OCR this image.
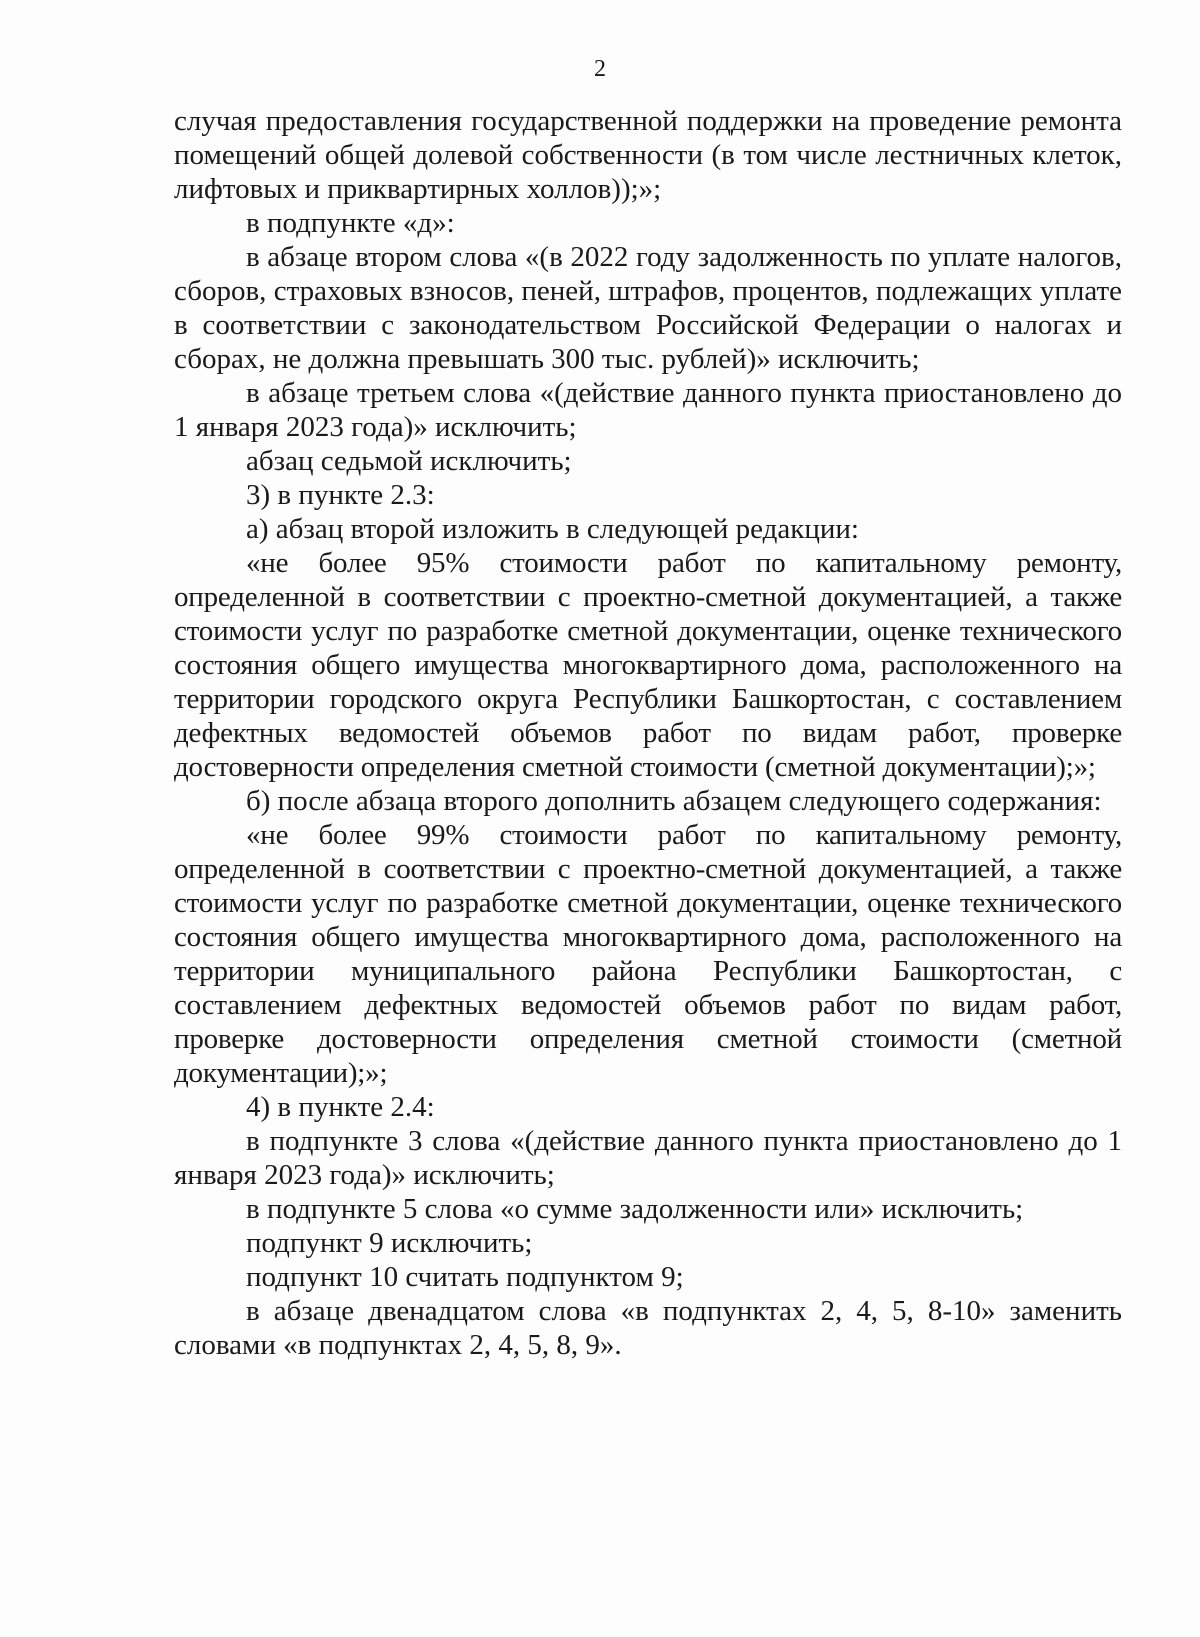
2

случая предоставления государственной поддержки на проведение ремонта помещений общей долевой собственности (в том числе лестничных клеток, лифтовых и приквартирных холлов));»;

в подпункте «д»:

в абзаце втором слова «(в 2022 году задолженность по уплате налогов, сборов, страховых взносов, пеней, штрафов, процентов, подлежащих уплате в соответствии с законодательством Российской Федерации о налогах и сборах, не должна превышать 300 тыс. рублей)» исключить;

в абзаце третьем слова «(действие данного пункта приостановлено до 1 января 2023 года)» исключить;

абзац седьмой исключить;

3) в пункте 2.3:

а) абзац второй изложить в следующей редакции:

«не более 95% стоимости работ по капитальному ремонту, определенной в соответствии с проектно-сметной документацией, а также стоимости услуг по разработке сметной документации, оценке технического состояния общего имущества многоквартирного дома, расположенного на территории городского округа Республики Башкортостан, с составлением дефектных ведомостей объемов работ по видам работ, проверке достоверности определения сметной стоимости (сметной документации);»;

б) после абзаца второго дополнить абзацем следующего содержания:

«не более 99% стоимости работ по капитальному ремонту, определенной в соответствии с проектно-сметной документацией, а также стоимости услуг по разработке сметной документации, оценке технического состояния общего имущества многоквартирного дома, расположенного на территории муниципального района Республики Башкортостан, с составлением дефектных ведомостей объемов работ по видам работ, проверке достоверности определения сметной стоимости (сметной документации);»;

4) в пункте 2.4:

в подпункте 3 слова «(действие данного пункта приостановлено до 1 января 2023 года)» исключить;

в подпункте 5 слова «о сумме задолженности или» исключить;

подпункт 9 исключить;

подпункт 10 считать подпунктом 9;

в абзаце двенадцатом слова «в подпунктах 2, 4, 5, 8-10» заменить словами «в подпунктах 2, 4, 5, 8, 9».
